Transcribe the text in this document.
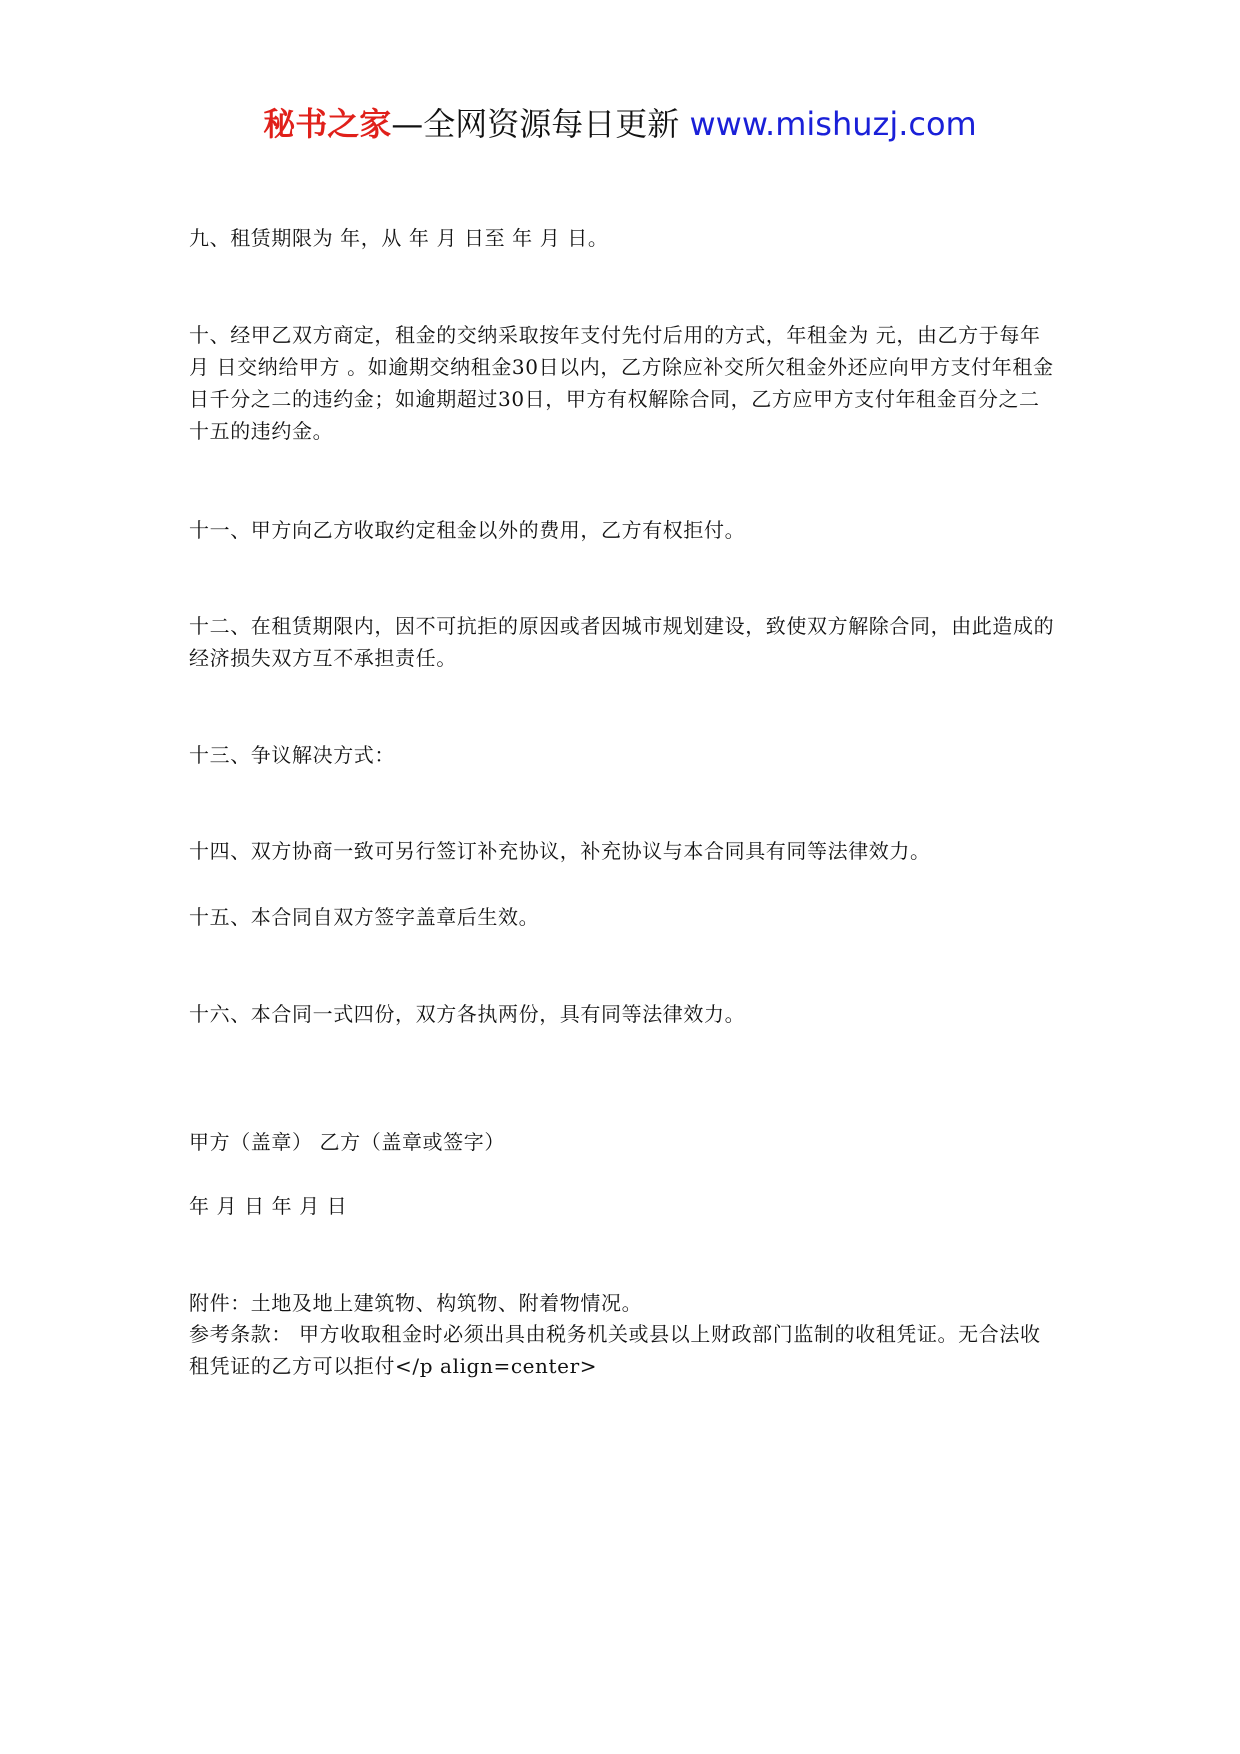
秘书之家—全网资源每日更新 www.mishuzj.com

九、租赁期限为 年，从 年 月 日至 年 月 日。

十、经甲乙双方商定，租金的交纳采取按年支付先付后用的方式，年租金为 元，由乙方于每年 月 日交纳给甲方 。如逾期交纳租金30日以内，乙方除应补交所欠租金外还应向甲方支付年租金日千分之二的违约金；如逾期超过30日，甲方有权解除合同，乙方应甲方支付年租金百分之二十五的违约金。

十一、甲方向乙方收取约定租金以外的费用，乙方有权拒付。

十二、在租赁期限内，因不可抗拒的原因或者因城市规划建设，致使双方解除合同，由此造成的经济损失双方互不承担责任。

十三、争议解决方式：

十四、双方协商一致可另行签订补充协议，补充协议与本合同具有同等法律效力。

十五、本合同自双方签字盖章后生效。

十六、本合同一式四份，双方各执两份，具有同等法律效力。

甲方（盖章） 乙方（盖章或签字）

年 月 日 年 月 日

附件：土地及地上建筑物、构筑物、附着物情况。

参考条款： 甲方收取租金时必须出具由税务机关或县以上财政部门监制的收租凭证。无合法收租凭证的乙方可以拒付</p align=center>
